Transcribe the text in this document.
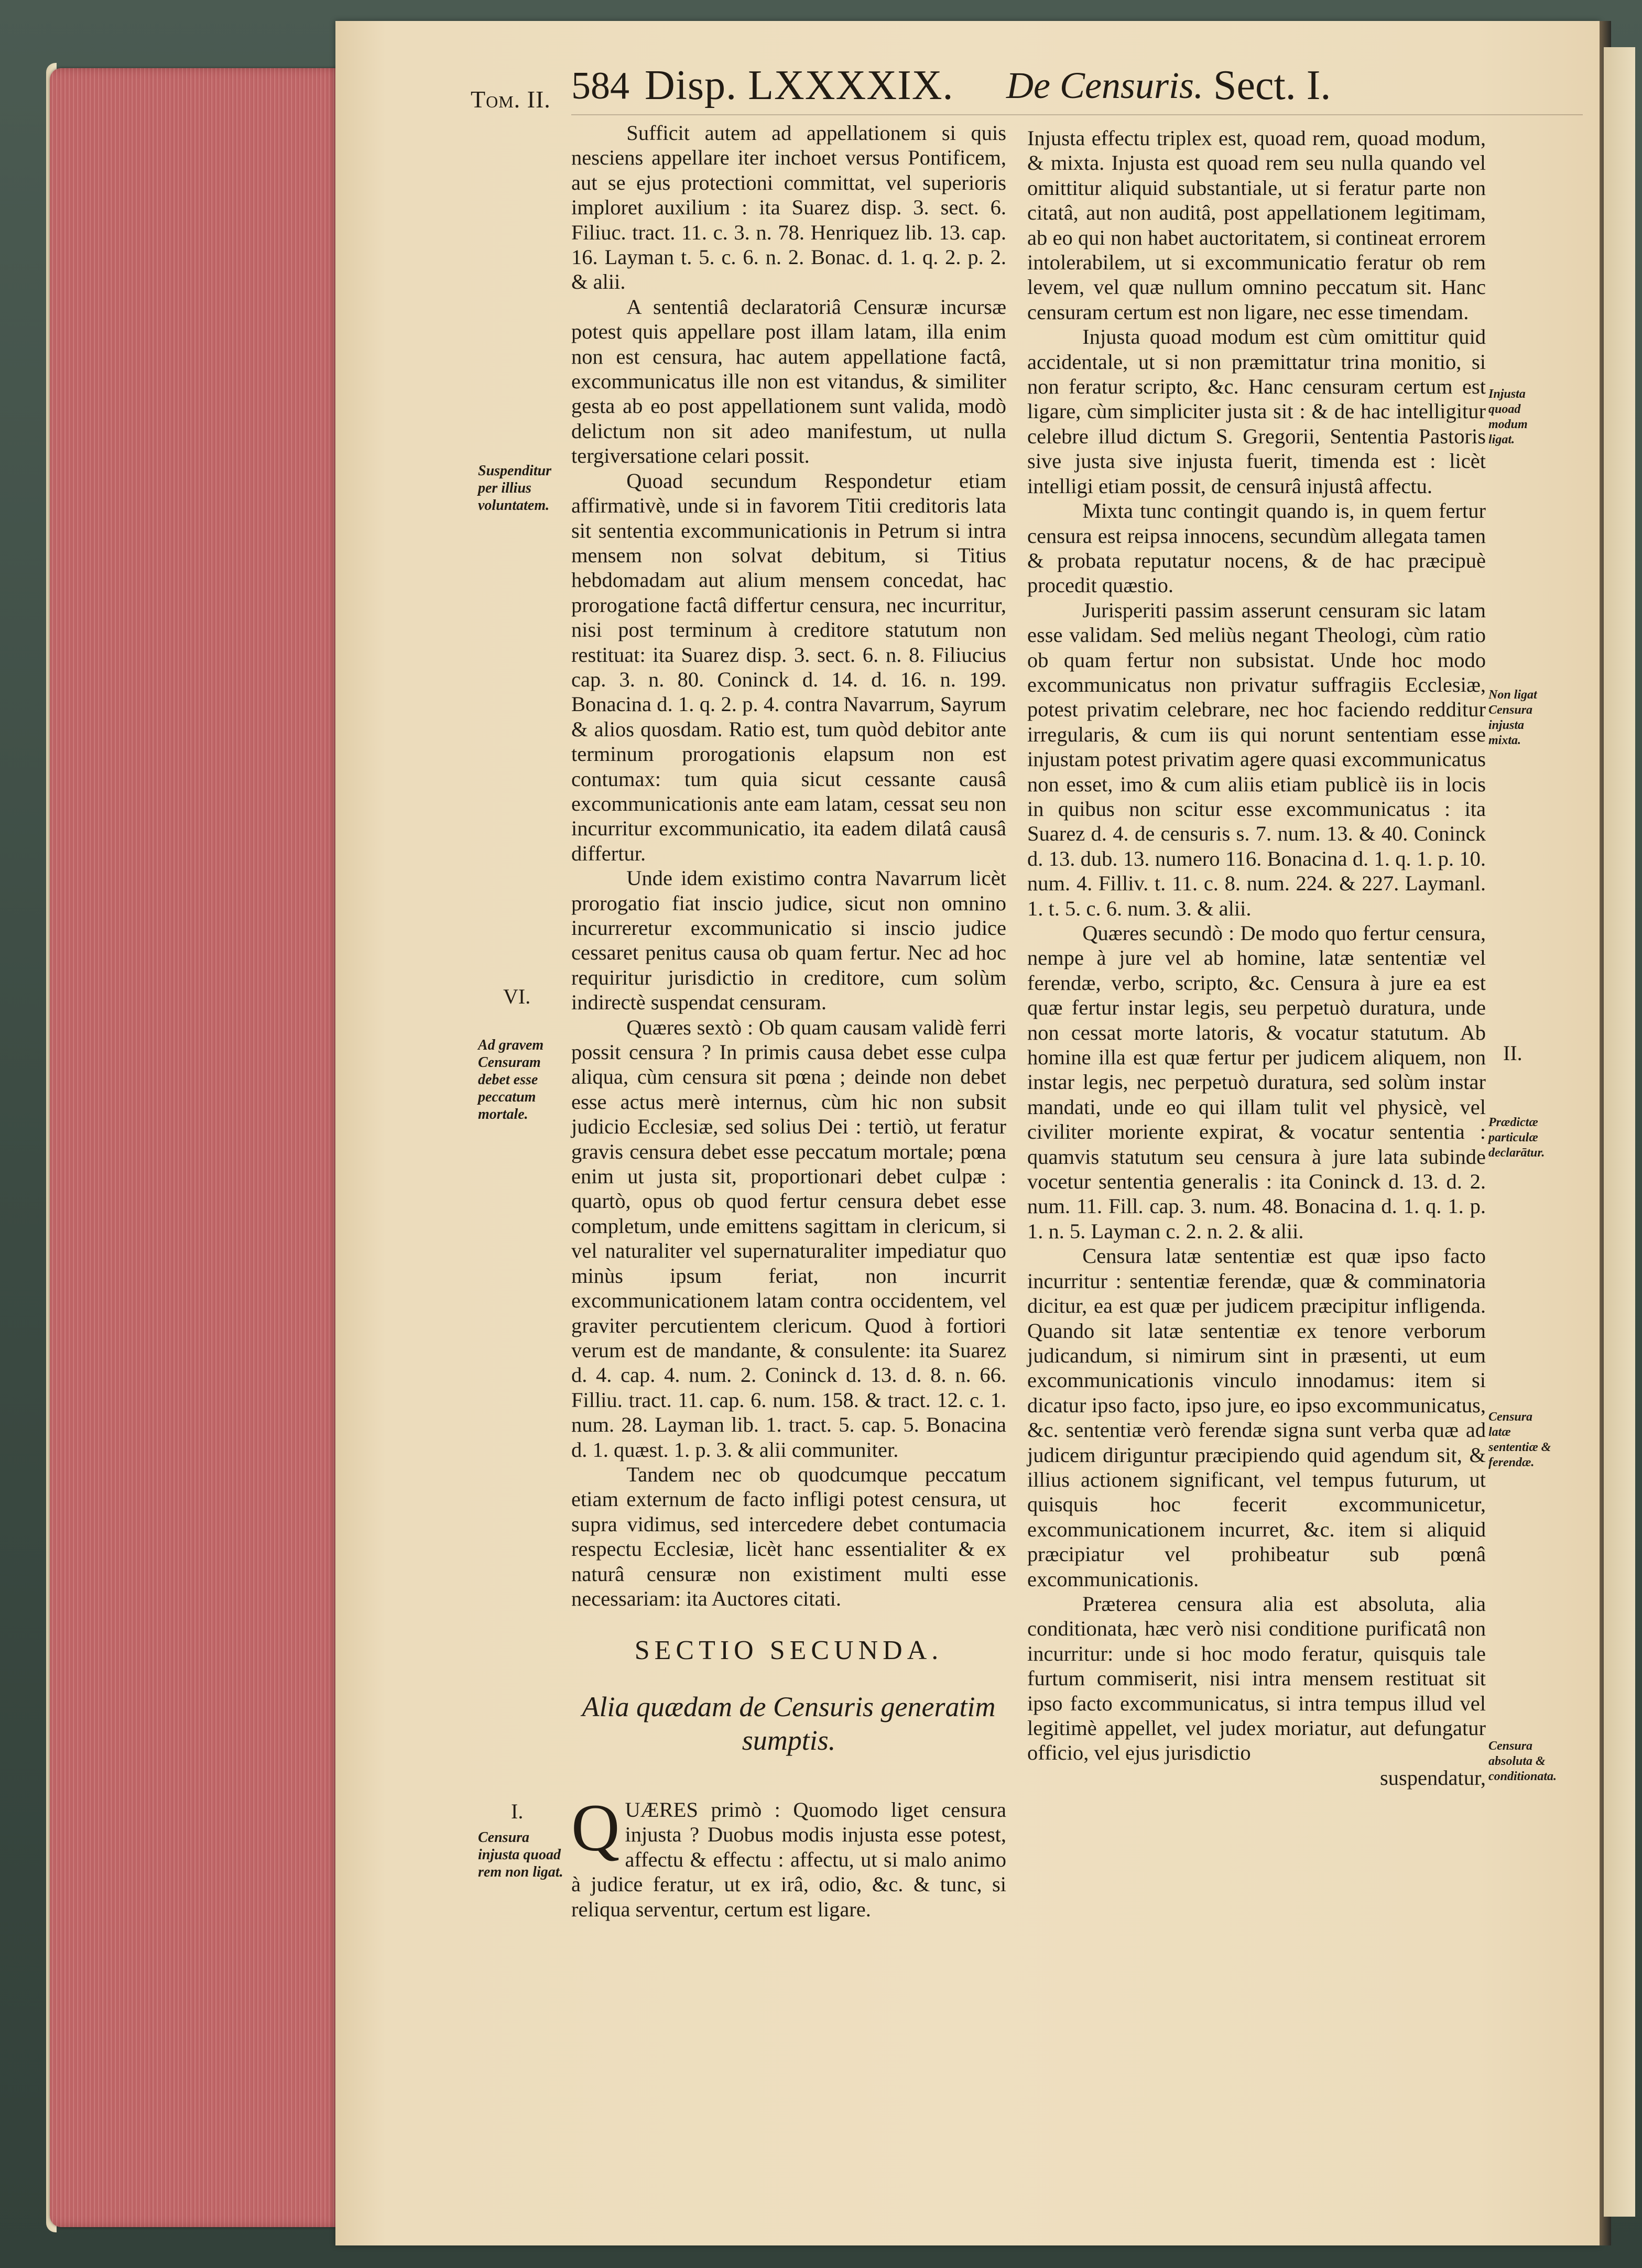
Tom. II. 584 Disp. LXXXXIX. De Censuris. Sect. I.

Sufficit autem ad appellationem si quis nesciens appellare iter inchoet versus Pontificem, aut se ejus protectioni committat, vel superioris imploret auxilium : ita Suarez disp. 3. sect. 6. Filiuc. tract. 11. c. 3. n. 78. Henriquez lib. 13. cap. 16. Layman t. 5. c. 6. n. 2. Bonac. d. 1. q. 2. p. 2. & alii.

A sententiâ declaratoriâ Censuræ incursæ potest quis appellare post illam latam, illa enim non est censura, hac autem appellatione factâ, excommunicatus ille non est vitandus, & similiter gesta ab eo post appellationem sunt valida, modò delictum non sit adeo manifestum, ut nulla tergiversatione celari possit.

Quoad secundum Respondetur etiam affirmativè, unde si in favorem Titii creditoris lata sit sententia excommunicationis in Petrum si intra mensem non solvat debitum, si Titius hebdomadam aut alium mensem concedat, hac prorogatione factâ differtur censura, nec incurritur, nisi post terminum à creditore statutum non restituat: ita Suarez disp. 3. sect. 6. n. 8. Filiucius cap. 3. n. 80. Coninck d. 14. d. 16. n. 199. Bonacina d. 1. q. 2. p. 4. contra Navarrum, Sayrum & alios quosdam. Ratio est, tum quòd debitor ante terminum prorogationis elapsum non est contumax: tum quia sicut cessante causâ excommunicationis ante eam latam, cessat seu non incurritur excommunicatio, ita eadem dilatâ causâ differtur.

Unde idem existimo contra Navarrum licèt prorogatio fiat inscio judice, sicut non omnino incurreretur excommunicatio si inscio judice cessaret penitus causa ob quam fertur. Nec ad hoc requiritur jurisdictio in creditore, cum solùm indirectè suspendat censuram.

Quæres sextò : Ob quam causam validè ferri possit censura ? In primis causa debet esse culpa aliqua, cùm censura sit pœna ; deinde non debet esse actus merè internus, cùm hic non subsit judicio Ecclesiæ, sed solius Dei : tertiò, ut feratur gravis censura debet esse peccatum mortale; pœna enim ut justa sit, proportionari debet culpæ : quartò, opus ob quod fertur censura debet esse completum, unde emittens sagittam in clericum, si vel naturaliter vel supernaturaliter impediatur quo minùs ipsum feriat, non incurrit excommunicationem latam contra occidentem, vel graviter percutientem clericum. Quod à fortiori verum est de mandante, & consulente: ita Suarez d. 4. cap. 4. num. 2. Coninck d. 13. d. 8. n. 66. Filliu. tract. 11. cap. 6. num. 158. & tract. 12. c. 1. num. 28. Layman lib. 1. tract. 5. cap. 5. Bonacina d. 1. quæst. 1. p. 3. & alii communiter.

Tandem nec ob quodcumque peccatum etiam externum de facto infligi potest censura, ut supra vidimus, sed intercedere debet contumacia respectu Ecclesiæ, licèt hanc essentialiter & ex naturâ censuræ non existiment multi esse necessariam: ita Auctores citati.

SECTIO SECUNDA.
Alia quædam de Censuris generatim sumptis.

QUÆRES primò : Quomodo liget censura injusta ? Duobus modis injusta esse potest, affectu & effectu : affectu, ut si malo animo à judice feratur, ut ex irâ, odio, &c. & tunc, si reliqua serventur, certum est ligare.

Injusta effectu triplex est, quoad rem, quoad modum, & mixta. Injusta est quoad rem seu nulla quando vel omittitur aliquid substantiale, ut si feratur parte non citatâ, aut non auditâ, post appellationem legitimam, ab eo qui non habet auctoritatem, si contineat errorem intolerabilem, ut si excommunicatio feratur ob rem levem, vel quæ nullum omnino peccatum sit. Hanc censuram certum est non ligare, nec esse timendam.

Injusta quoad modum est cùm omittitur quid accidentale, ut si non præmittatur trina monitio, si non feratur scripto, &c. Hanc censuram certum est ligare, cùm simpliciter justa sit : & de hac intelligitur celebre illud dictum S. Gregorii, Sententia Pastoris sive justa sive injusta fuerit, timenda est : licèt intelligi etiam possit, de censurâ injustâ affectu.

Mixta tunc contingit quando is, in quem fertur censura est reipsa innocens, secundùm allegata tamen & probata reputatur nocens, & de hac præcipuè procedit quæstio.

Jurisperiti passim asserunt censuram sic latam esse validam. Sed meliùs negant Theologi, cùm ratio ob quam fertur non subsistat. Unde hoc modo excommunicatus non privatur suffragiis Ecclesiæ, potest privatim celebrare, nec hoc faciendo redditur irregularis, & cum iis qui norunt sententiam esse injustam potest privatim agere quasi excommunicatus non esset, imo & cum aliis etiam publicè iis in locis in quibus non scitur esse excommunicatus : ita Suarez d. 4. de censuris s. 7. num. 13. & 40. Coninck d. 13. dub. 13. numero 116. Bonacina d. 1. q. 1. p. 10. num. 4. Filliv. t. 11. c. 8. num. 224. & 227. Laymanl. 1. t. 5. c. 6. num. 3. & alii.

Quæres secundò : De modo quo fertur censura, nempe à jure vel ab homine, latæ sententiæ vel ferendæ, verbo, scripto, &c. Censura à jure ea est quæ fertur instar legis, seu perpetuò duratura, unde non cessat morte latoris, & vocatur statutum. Ab homine illa est quæ fertur per judicem aliquem, non instar legis, nec perpetuò duratura, sed solùm instar mandati, unde eo qui illam tulit vel physicè, vel civiliter moriente expirat, & vocatur sententia : quamvis statutum seu censura à jure lata subinde vocetur sententia generalis : ita Coninck d. 13. d. 2. num. 11. Fill. cap. 3. num. 48. Bonacina d. 1. q. 1. p. 1. n. 5. Layman c. 2. n. 2. & alii.

Censura latæ sententiæ est quæ ipso facto incurritur : sententiæ ferendæ, quæ & comminatoria dicitur, ea est quæ per judicem præcipitur infligenda. Quando sit latæ sententiæ ex tenore verborum judicandum, si nimirum sint in præsenti, ut eum excommunicationis vinculo innodamus: item si dicatur ipso facto, ipso jure, eo ipso excommunicatus, &c. sententiæ verò ferendæ signa sunt verba quæ ad judicem diriguntur præcipiendo quid agendum sit, & illius actionem significant, vel tempus futurum, ut quisquis hoc fecerit excommunicetur, excommunicationem incurret, &c. item si aliquid præcipiatur vel prohibeatur sub pœnâ excommunicationis.

Præterea censura alia est absoluta, alia conditionata, hæc verò nisi conditione purificatâ non incurritur: unde si hoc modo feratur, quisquis tale furtum commiserit, nisi intra mensem restituat sit ipso facto excommunicatus, si intra tempus illud vel legitimè appellet, vel judex moriatur, aut defungatur officio, vel ejus jurisdictio

suspendatur,

Suspenditur per illius voluntatem.
VI.
Ad gravem Censuram debet esse peccatum mortale.
I.
Censura injusta quoad rem non ligat.
Injusta quoad modum ligat.
Non ligat Censura injusta mixta.
II.
Prædictæ particulæ declarātur.
Censura latæ sententiæ & ferendæ.
Censura absoluta & conditionata.
